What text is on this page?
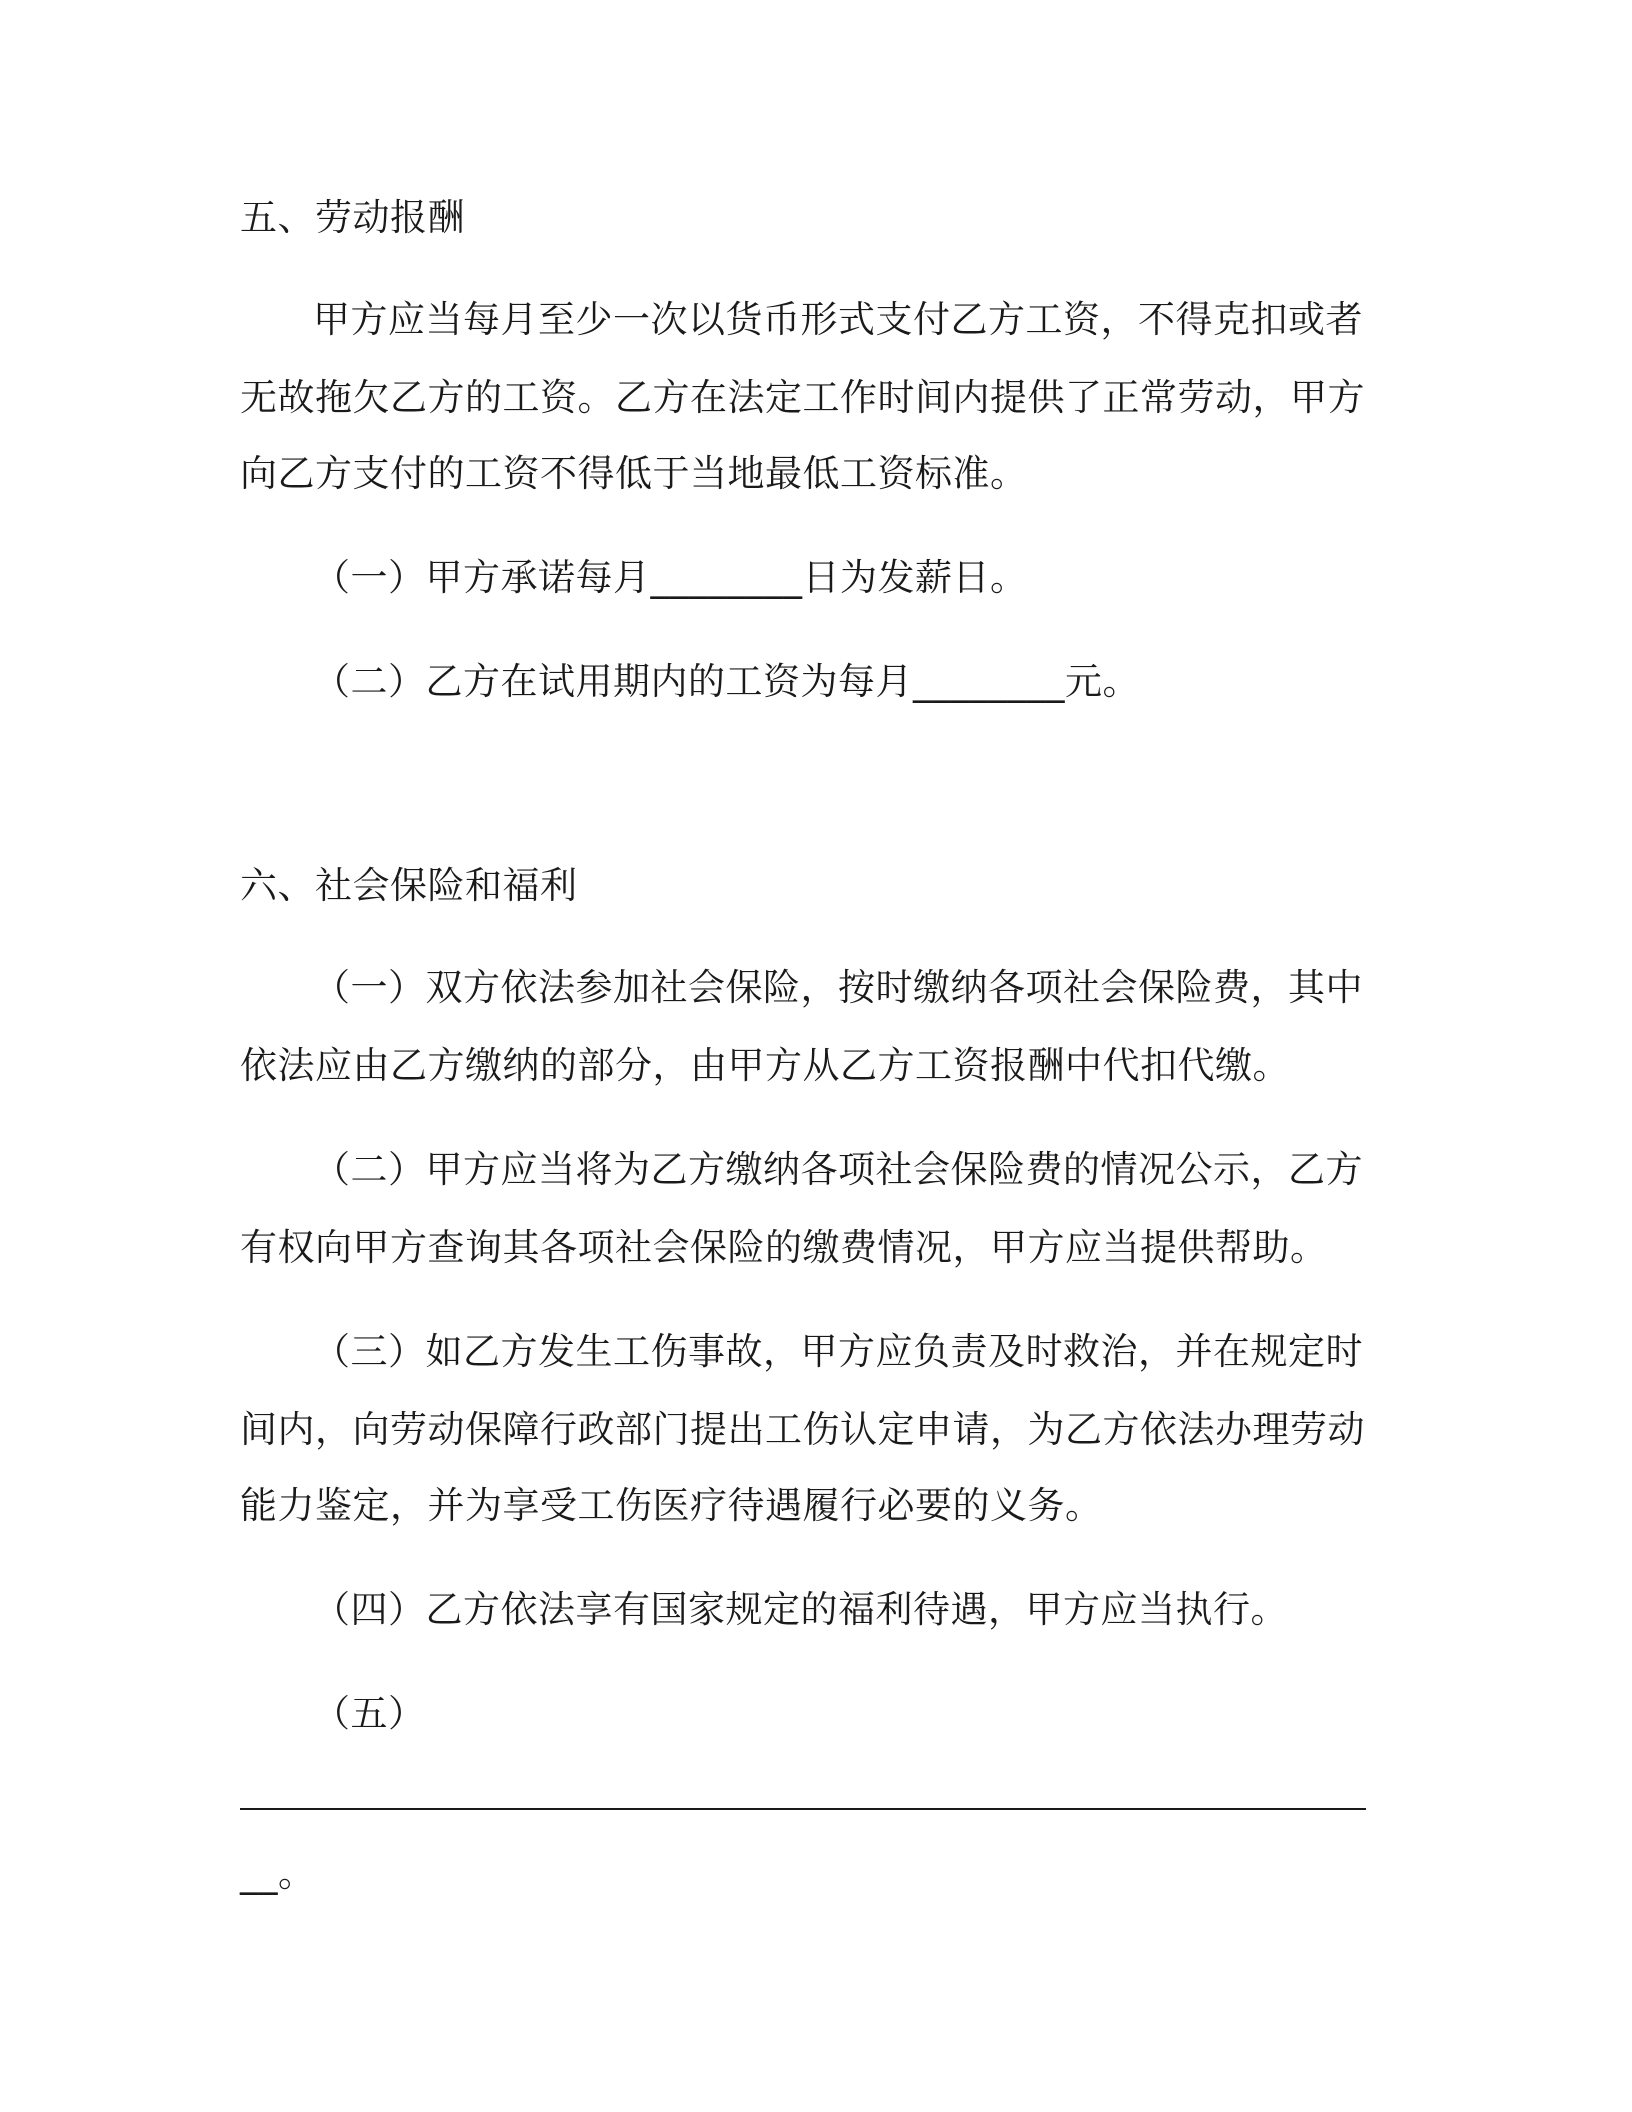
五、劳动报酬
甲方应当每月至少一次以货币形式支付乙方工资，不得克扣或者
无故拖欠乙方的工资。乙方在法定工作时间内提供了正常劳动，甲方
向乙方支付的工资不得低于当地最低工资标准。
（一）甲方承诺每月________日为发薪日。
（二）乙方在试用期内的工资为每月________元。
六、社会保险和福利
（一）双方依法参加社会保险，按时缴纳各项社会保险费，其中
依法应由乙方缴纳的部分，由甲方从乙方工资报酬中代扣代缴。
（二）甲方应当将为乙方缴纳各项社会保险费的情况公示，乙方
有权向甲方查询其各项社会保险的缴费情况，甲方应当提供帮助。
（三）如乙方发生工伤事故，甲方应负责及时救治，并在规定时
间内，向劳动保障行政部门提出工伤认定申请，为乙方依法办理劳动
能力鉴定，并为享受工伤医疗待遇履行必要的义务。
（四）乙方依法享有国家规定的福利待遇，甲方应当执行。
（五）
__。
